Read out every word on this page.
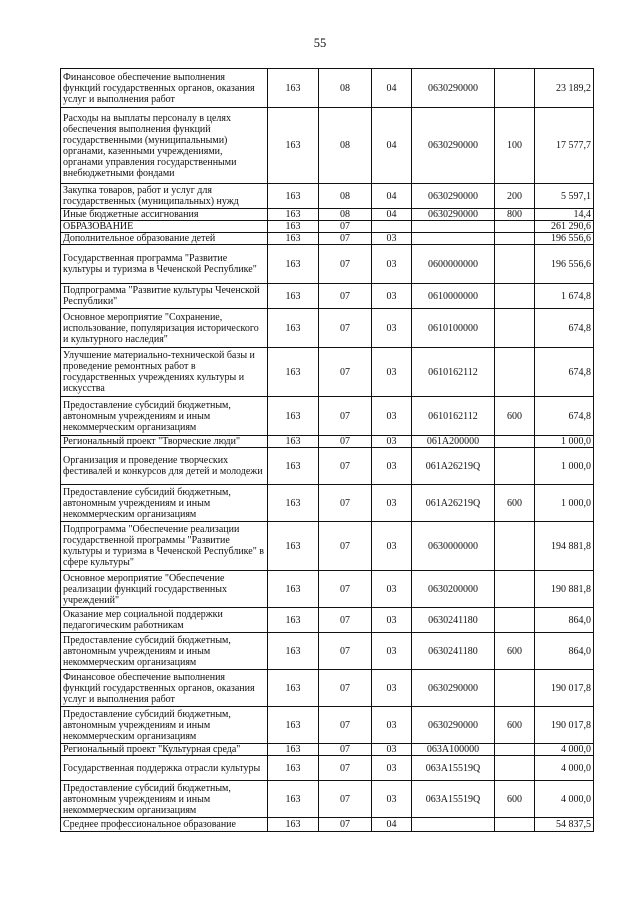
55
Финансовое обеспечение выполнения функций государственных органов, оказания услуг и выполнения работ	163	08	04	0630290000		23 189,2
Расходы на выплаты персоналу в целях обеспечения выполнения функций государственными (муниципальными) органами, казенными учреждениями, органами управления государственными внебюджетными фондами	163	08	04	0630290000	100	17 577,7
Закупка товаров, работ и услуг для государственных (муниципальных) нужд	163	08	04	0630290000	200	5 597,1
Иные бюджетные ассигнования	163	08	04	0630290000	800	14,4
ОБРАЗОВАНИЕ	163	07				261 290,6
Дополнительное образование детей	163	07	03			196 556,6
Государственная программа "Развитие культуры и туризма в Чеченской Республике"	163	07	03	0600000000		196 556,6
Подпрограмма "Развитие культуры Чеченской Республики"	163	07	03	0610000000		1 674,8
Основное мероприятие "Сохранение, использование, популяризация исторического и культурного наследия"	163	07	03	0610100000		674,8
Улучшение материально-технической базы и проведение ремонтных работ в государственных учреждениях культуры и искусства	163	07	03	0610162112		674,8
Предоставление субсидий бюджетным, автономным учреждениям и иным некоммерческим организациям	163	07	03	0610162112	600	674,8
Региональный проект "Творческие люди"	163	07	03	061A200000		1 000,0
Организация и проведение творческих фестивалей и конкурсов для детей и молодежи	163	07	03	061A26219Q		1 000,0
Предоставление субсидий бюджетным, автономным учреждениям и иным некоммерческим организациям	163	07	03	061A26219Q	600	1 000,0
Подпрограмма "Обеспечение реализации государственной программы "Развитие культуры и туризма в Чеченской Республике" в сфере культуры"	163	07	03	0630000000		194 881,8
Основное мероприятие "Обеспечение реализации функций государственных учреждений"	163	07	03	0630200000		190 881,8
Оказание мер социальной поддержки педагогическим работникам	163	07	03	0630241180		864,0
Предоставление субсидий бюджетным, автономным учреждениям и иным некоммерческим организациям	163	07	03	0630241180	600	864,0
Финансовое обеспечение выполнения функций государственных органов, оказания услуг и выполнения работ	163	07	03	0630290000		190 017,8
Предоставление субсидий бюджетным, автономным учреждениям и иным некоммерческим организациям	163	07	03	0630290000	600	190 017,8
Региональный проект "Культурная среда"	163	07	03	063A100000		4 000,0
Государственная поддержка отрасли культуры	163	07	03	063A15519Q		4 000,0
Предоставление субсидий бюджетным, автономным учреждениям и иным некоммерческим организациям	163	07	03	063A15519Q	600	4 000,0
Среднее профессиональное образование	163	07	04			54 837,5
